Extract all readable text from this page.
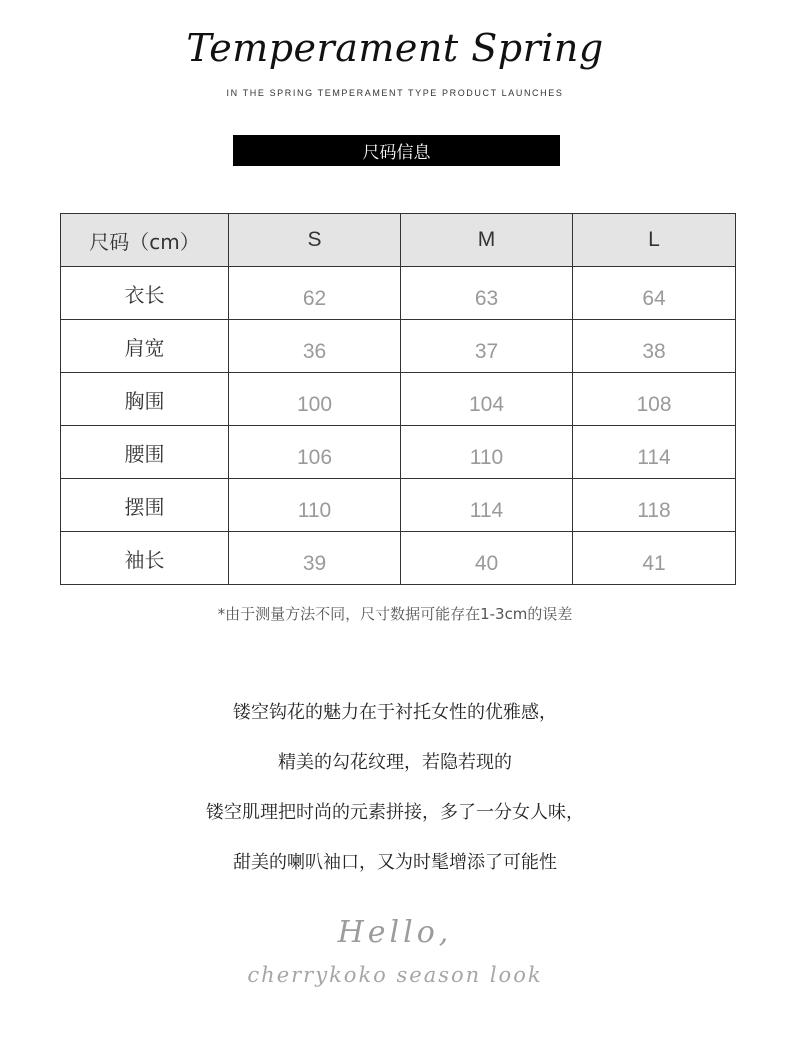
Temperament Spring
IN THE SPRING TEMPERAMENT TYPE PRODUCT LAUNCHES
尺码信息
尺码（cm）	S	M	L
衣长	62	63	64
肩宽	36	37	38
胸围	100	104	108
腰围	106	110	114
摆围	110	114	118
袖长	39	40	41
*由于测量方法不同，尺寸数据可能存在1-3cm的误差
镂空钩花的魅力在于衬托女性的优雅感，
精美的勾花纹理，若隐若现的
镂空肌理把时尚的元素拼接，多了一分女人味，
甜美的喇叭袖口，又为时髦增添了可能性
Hello,
cherrykoko season look
